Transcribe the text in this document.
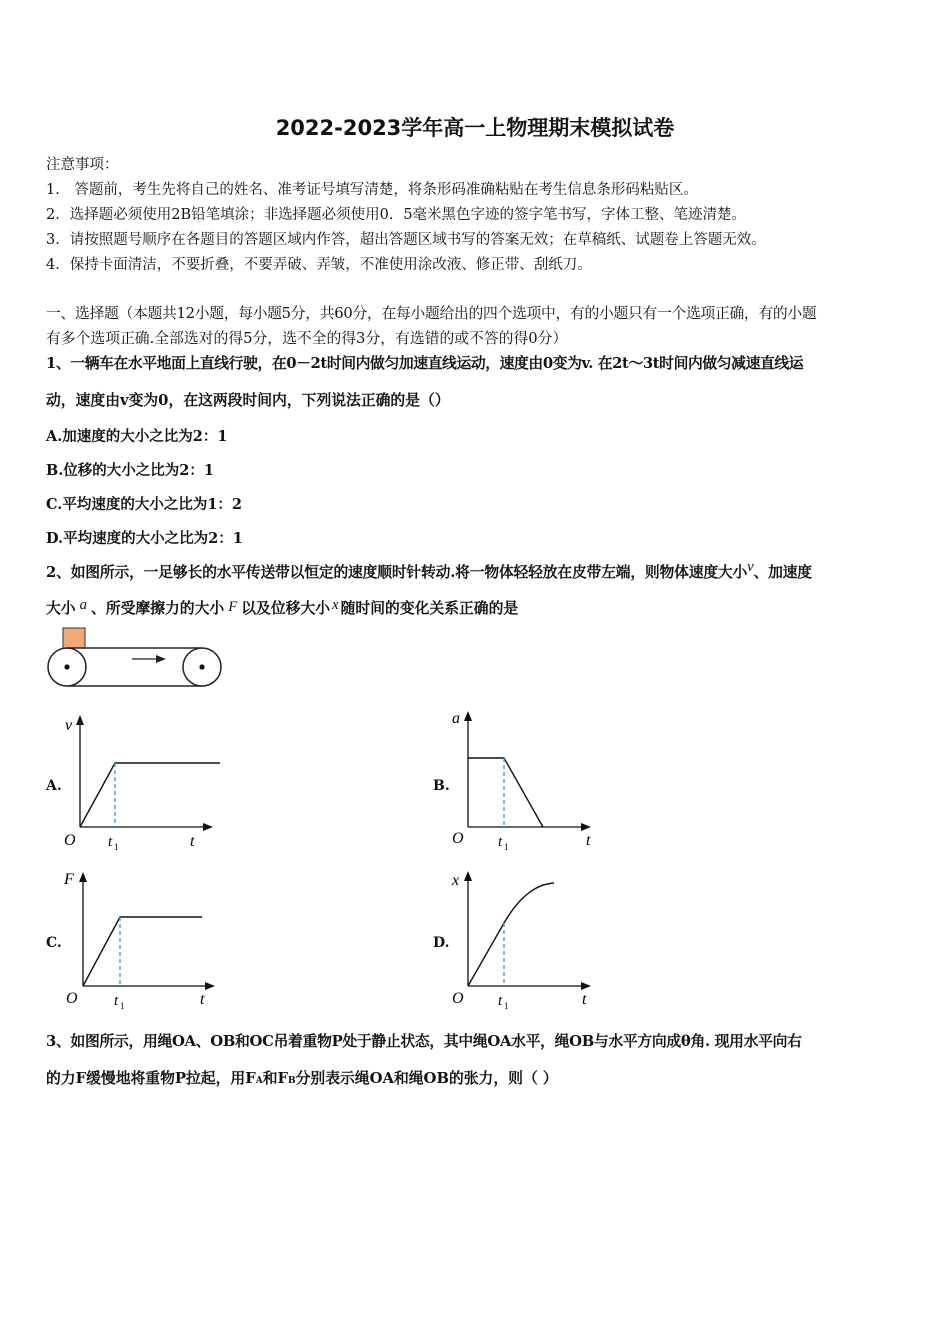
2022-2023学年高一上物理期末模拟试卷
注意事项：
1． 答题前，考生先将自己的姓名、准考证号填写清楚，将条形码准确粘贴在考生信息条形码粘贴区。
2．选择题必须使用2B铅笔填涂；非选择题必须使用0．5毫米黑色字迹的签字笔书写，字体工整、笔迹清楚。
3．请按照题号顺序在各题目的答题区域内作答，超出答题区域书写的答案无效；在草稿纸、试题卷上答题无效。
4．保持卡面清洁，不要折叠，不要弄破、弄皱，不准使用涂改液、修正带、刮纸刀。
一、选择题（本题共12小题，每小题5分，共60分，在每小题给出的四个选项中，有的小题只有一个选项正确，有的小题
有多个选项正确.全部选对的得5分，选不全的得3分，有选错的或不答的得0分）
1、一辆车在水平地面上直线行驶，在0－2t时间内做匀加速直线运动，速度由0变为v. 在2t～3t时间内做匀减速直线运
动，速度由v变为0，在这两段时间内，下列说法正确的是（）
A.加速度的大小之比为2：1
B.位移的大小之比为2：1
C.平均速度的大小之比为1：2
D.平均速度的大小之比为2：1
2、如图所示，一足够长的水平传送带以恒定的速度顺时针转动.将一物体轻轻放在皮带左端，则物体速度大小v、加速度
大小 a 、所受摩擦力的大小 F 以及位移大小 x 随时间的变化关系正确的是
A.
v
O t 1	t
B.
a
O t 1	t
C.
F
O t 1	t
D.
x
O t 1	t
3、如图所示，用绳OA、OB和OC吊着重物P处于静止状态，其中绳OA水平，绳OB与水平方向成θ角. 现用水平向右
的力F缓慢地将重物P拉起，用FA和FB分别表示绳OA和绳OB的张力，则（ ）
